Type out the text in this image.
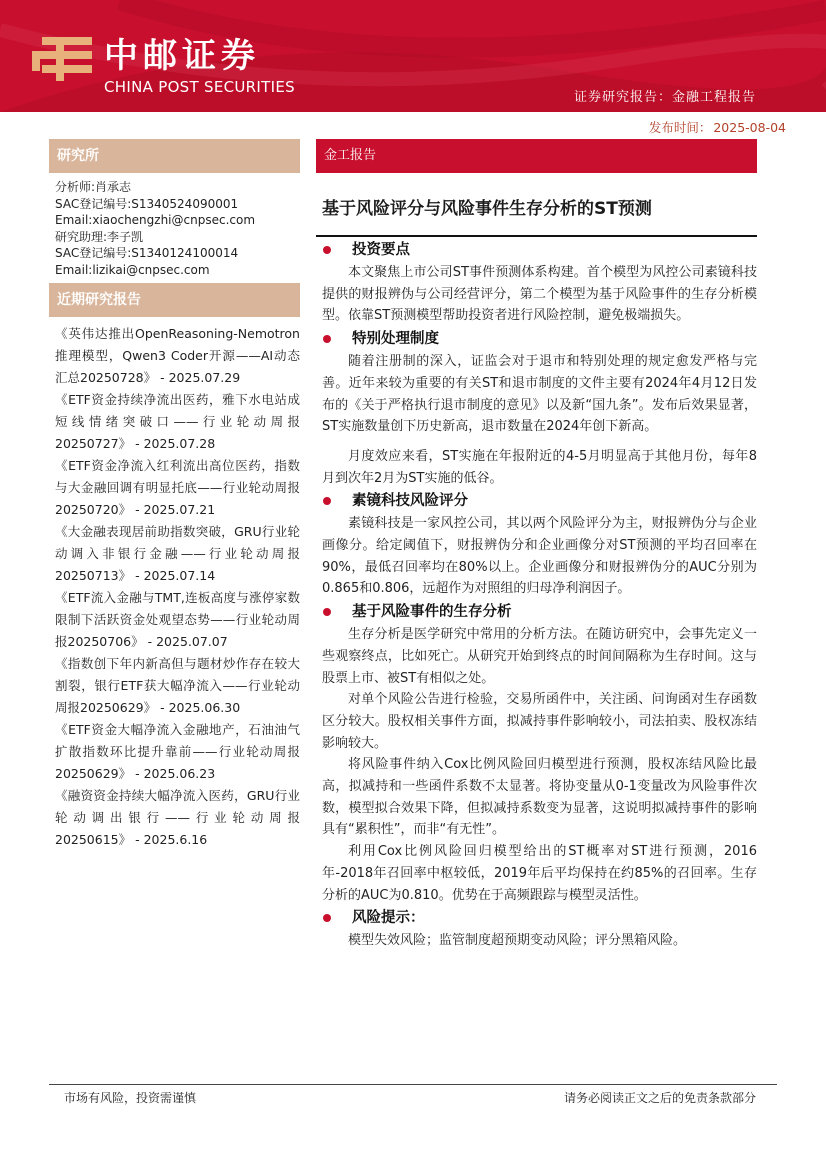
中邮证券
CHINA POST SECURITIES
证券研究报告：金融工程报告
发布时间： 2025-08-04
研究所
分析师:肖承志
SAC登记编号:S1340524090001
Email:xiaochengzhi@cnpsec.com
研究助理:李子凯
SAC登记编号:S1340124100014
Email:lizikai@cnpsec.com
近期研究报告
《英伟达推出OpenReasoning-Nemotron推理模型，Qwen3 Coder开源——AI动态汇总20250728》 - 2025.07.29
《ETF资金持续净流出医药，雅下水电站成短线情绪突破口——行业轮动周报20250727》 - 2025.07.28
《ETF资金净流入红利流出高位医药，指数与大金融回调有明显托底——行业轮动周报20250720》 - 2025.07.21
《大金融表现居前助指数突破，GRU行业轮动调入非银行金融——行业轮动周报20250713》 - 2025.07.14
《ETF流入金融与TMT,连板高度与涨停家数限制下活跃资金处观望态势——行业轮动周报20250706》 - 2025.07.07
《指数创下年内新高但与题材炒作存在较大割裂，银行ETF获大幅净流入——行业轮动周报20250629》 - 2025.06.30
《ETF资金大幅净流入金融地产，石油油气扩散指数环比提升靠前——行业轮动周报20250629》 - 2025.06.23
《融资资金持续大幅净流入医药，GRU行业轮动调出银行——行业轮动周报20250615》 - 2025.6.16
金工报告
基于风险评分与风险事件生存分析的ST预测
投资要点

本文聚焦上市公司ST事件预测体系构建。首个模型为风控公司素镜科技提供的财报辨伪与公司经营评分，第二个模型为基于风险事件的生存分析模型。依靠ST预测模型帮助投资者进行风险控制，避免极端损失。

特别处理制度

随着注册制的深入，证监会对于退市和特别处理的规定愈发严格与完善。近年来较为重要的有关ST和退市制度的文件主要有2024年4月12日发布的《关于严格执行退市制度的意见》以及新“国九条”。发布后效果显著，ST实施数量创下历史新高，退市数量在2024年创下新高。

月度效应来看，ST实施在年报附近的4-5月明显高于其他月份，每年8月到次年2月为ST实施的低谷。

素镜科技风险评分

素镜科技是一家风控公司，其以两个风险评分为主，财报辨伪分与企业画像分。给定阈值下，财报辨伪分和企业画像分对ST预测的平均召回率在90%，最低召回率均在80%以上。企业画像分和财报辨伪分的AUC分别为0.865和0.806，远超作为对照组的归母净利润因子。

基于风险事件的生存分析

生存分析是医学研究中常用的分析方法。在随访研究中，会事先定义一些观察终点，比如死亡。从研究开始到终点的时间间隔称为生存时间。这与股票上市、被ST有相似之处。

对单个风险公告进行检验，交易所函件中，关注函、问询函对生存函数区分较大。股权相关事件方面，拟减持事件影响较小，司法拍卖、股权冻结影响较大。

将风险事件纳入Cox比例风险回归模型进行预测，股权冻结风险比最高，拟减持和一些函件系数不太显著。将协变量从0-1变量改为风险事件次数，模型拟合效果下降，但拟减持系数变为显著，这说明拟减持事件的影响具有“累积性”，而非“有无性”。

利用Cox比例风险回归模型给出的ST概率对ST进行预测，2016年-2018年召回率中枢较低，2019年后平均保持在约85%的召回率。生存分析的AUC为0.810。优势在于高频跟踪与模型灵活性。

风险提示：

模型失效风险；监管制度超预期变动风险；评分黑箱风险。

市场有风险，投资需谨慎	请务必阅读正文之后的免责条款部分
